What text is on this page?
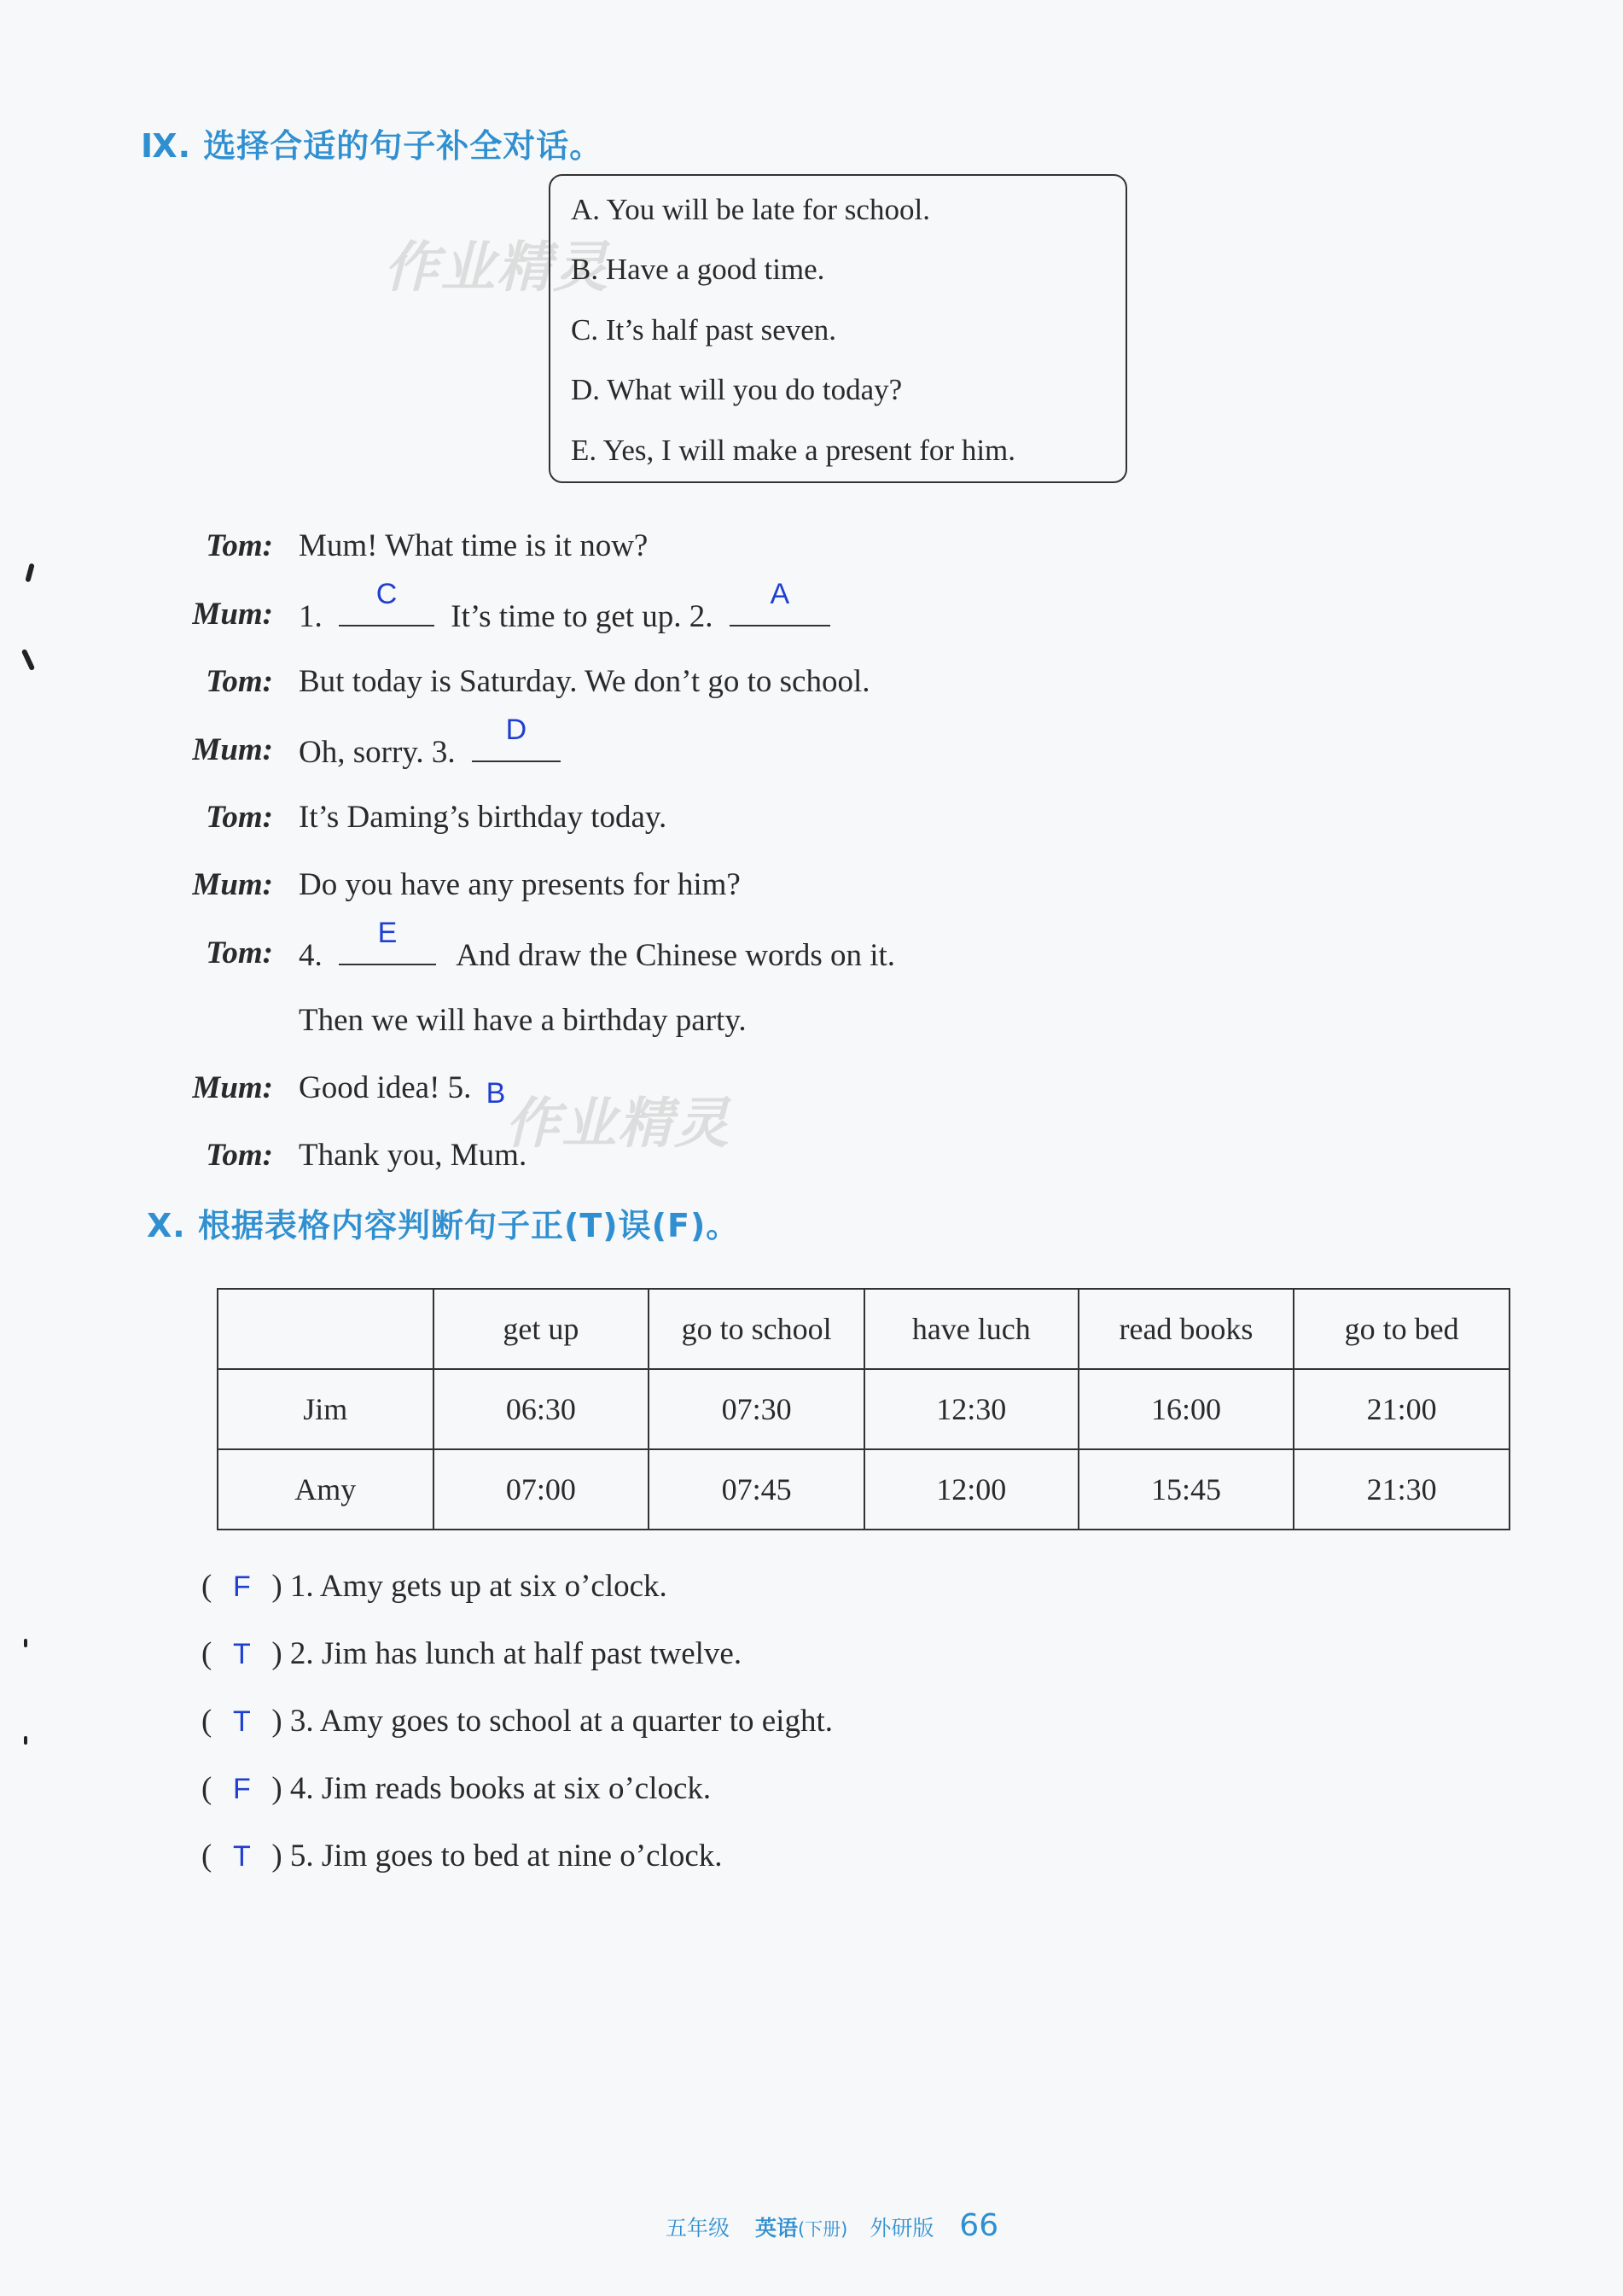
Ⅸ. 选择合适的句子补全对话。
作业精灵
作业精灵
A. You will be late for school.
B. Have a good time.
C. It’s half past seven.
D. What will you do today?
E. Yes, I will make a present for him.
Tom: Mum! What time is it now?
Mum: 1.
C
It’s time to get up. 2.
A
Tom: But today is Saturday. We don’t go to school.
Mum: Oh, sorry. 3.
D
Tom: It’s Daming’s birthday today.
Mum: Do you have any presents for him?
Tom: 4.
E
And draw the Chinese words on it.
Then we will have a birthday party.
Mum: Good idea! 5. B
Tom: Thank you, Mum.
Ⅹ. 根据表格内容判断句子正(T)误(F)。
	get up	go to school	have luch	read books	go to bed
Jim	06:30	07:30	12:30	16:00	21:00
Amy	07:00	07:45	12:00	15:45	21:30
( F ) 1. Amy gets up at six o’clock.
( T ) 2. Jim has lunch at half past twelve.
( T ) 3. Amy goes to school at a quarter to eight.
( F ) 4. Jim reads books at six o’clock.
( T ) 5. Jim goes to bed at nine o’clock.
五年级 英语(下册) 外研版 66
